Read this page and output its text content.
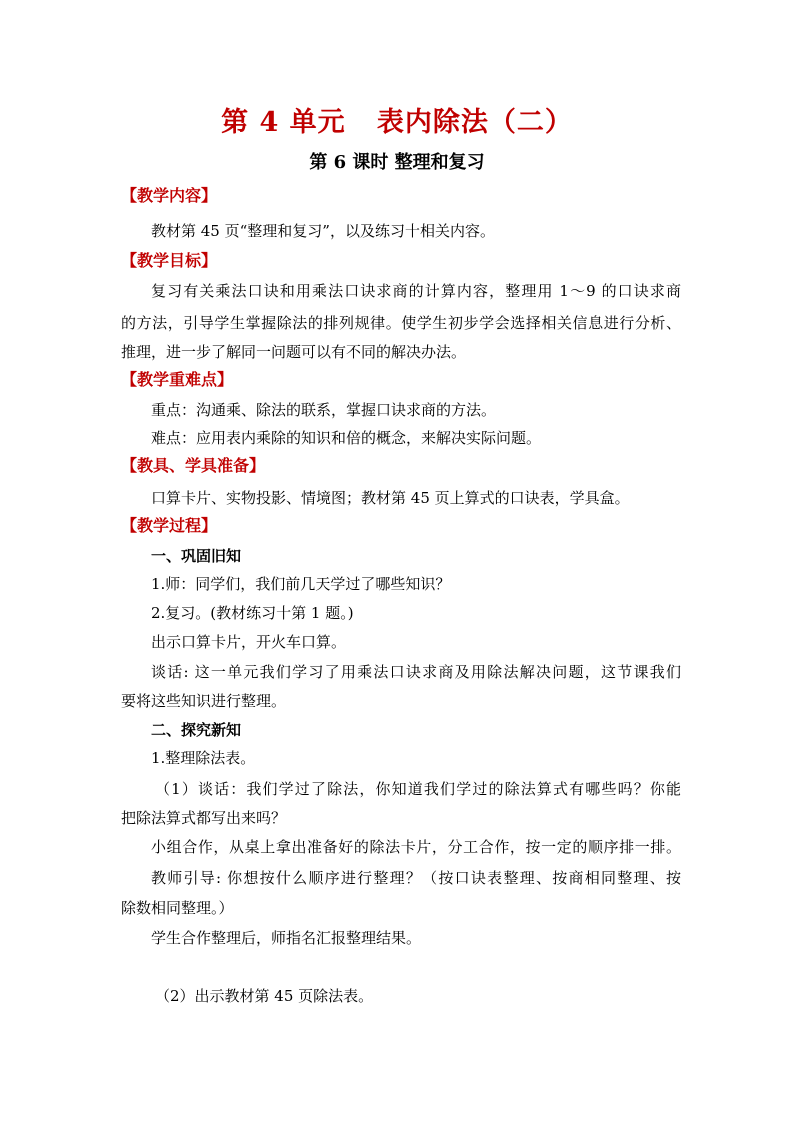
第 4 单元   表内除法（二）
第 6 课时 整理和复习
【教学内容】
教材第 45 页“整理和复习”，以及练习十相关内容。
【教学目标】
复习有关乘法口诀和用乘法口诀求商的计算内容，整理用 1～9 的口诀求商
的方法，引导学生掌握除法的排列规律。使学生初步学会选择相关信息进行分析、
推理，进一步了解同一问题可以有不同的解决办法。
【教学重难点】
重点：沟通乘、除法的联系，掌握口诀求商的方法。
难点：应用表内乘除的知识和倍的概念，来解决实际问题。
【教具、学具准备】
口算卡片、实物投影、情境图；教材第 45 页上算式的口诀表，学具盒。
【教学过程】
一、巩固旧知
1.师：同学们，我们前几天学过了哪些知识？
2.复习。(教材练习十第 1 题。)
出示口算卡片，开火车口算。
谈话: 这一单元我们学习了用乘法口诀求商及用除法解决问题，这节课我们
要将这些知识进行整理。
二、探究新知
1.整理除法表。
（1）谈话：我们学过了除法，你知道我们学过的除法算式有哪些吗？你能
把除法算式都写出来吗？
小组合作，从桌上拿出准备好的除法卡片，分工合作，按一定的顺序排一排。
教师引导: 你想按什么顺序进行整理？（按口诀表整理、按商相同整理、按
除数相同整理。）
学生合作整理后，师指名汇报整理结果。
（2）出示教材第 45 页除法表。
